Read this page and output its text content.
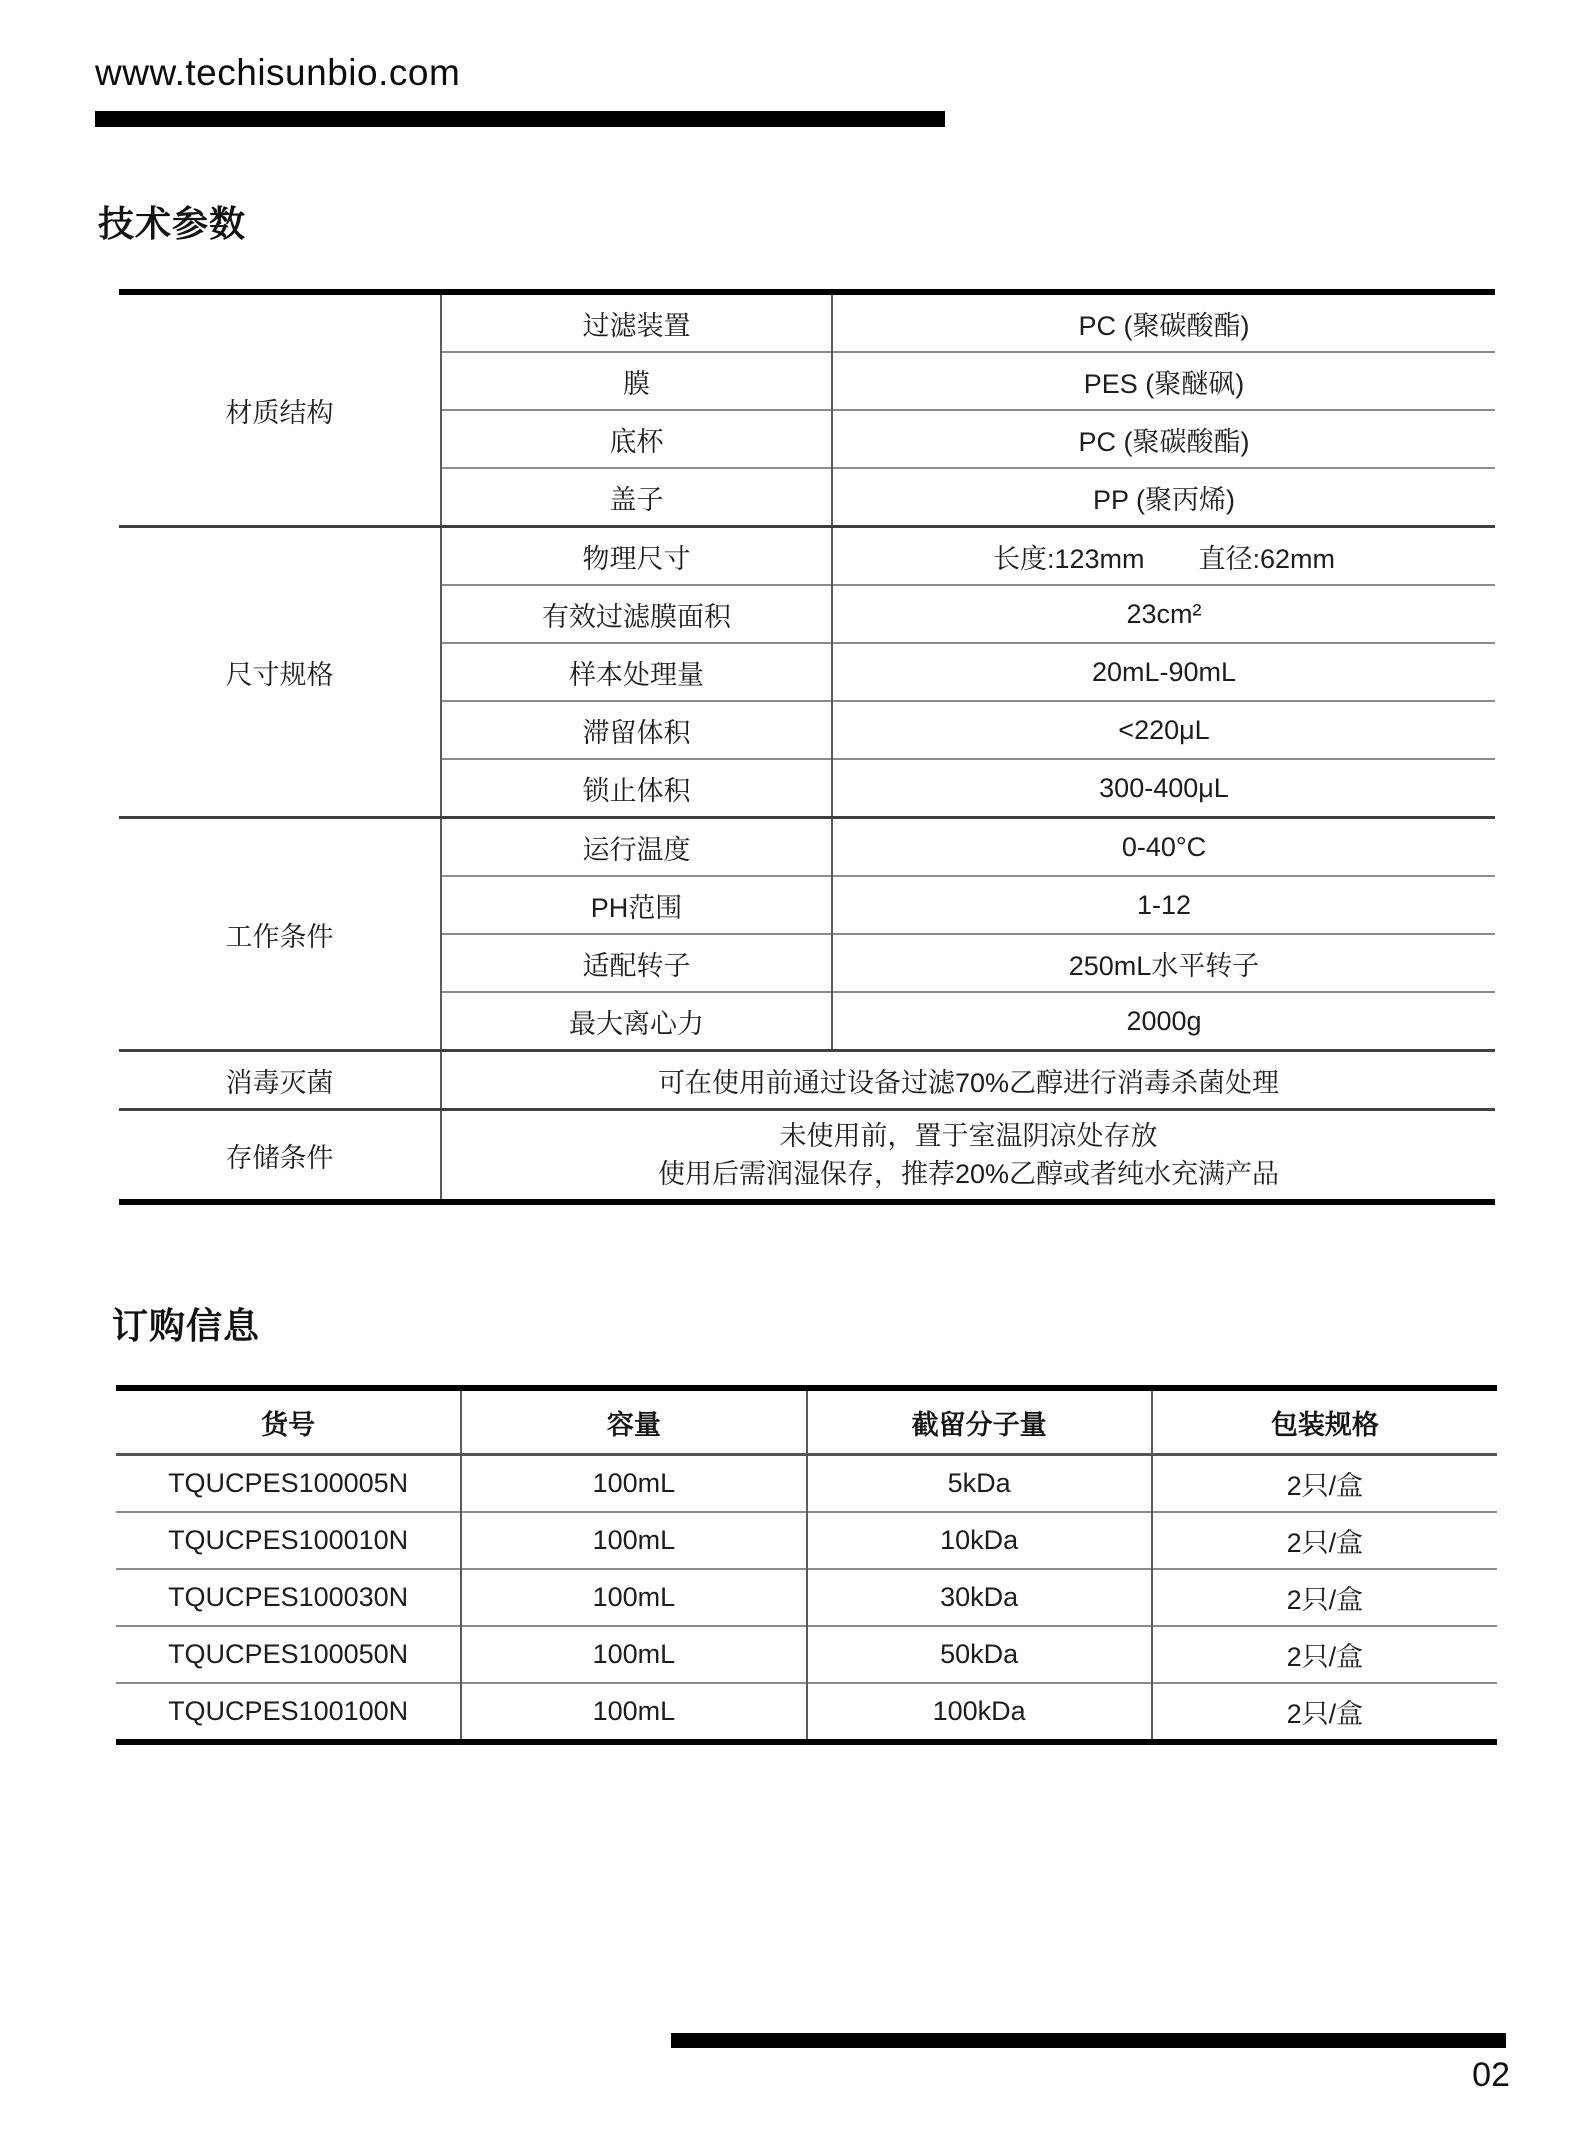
www.techisunbio.com
技术参数
材质结构	过滤装置	PC (聚碳酸酯)
	膜	PES (聚醚砜)
	底杯	PC (聚碳酸酯)
	盖子	PP (聚丙烯)
尺寸规格	物理尺寸	长度:123mm　　直径:62mm
	有效过滤膜面积	23cm²
	样本处理量	20mL-90mL
	滞留体积	<220μL
	锁止体积	300-400μL
工作条件	运行温度	0-40°C
	PH范围	1-12
	适配转子	250mL水平转子
	最大离心力	2000g
消毒灭菌	可在使用前通过设备过滤70%乙醇进行消毒杀菌处理	
存储条件	未使用前，置于室温阴凉处存放
使用后需润湿保存，推荐20%乙醇或者纯水充满产品	
订购信息
货号	容量	截留分子量	包装规格
TQUCPES100005N	100mL	5kDa	2只/盒
TQUCPES100010N	100mL	10kDa	2只/盒
TQUCPES100030N	100mL	30kDa	2只/盒
TQUCPES100050N	100mL	50kDa	2只/盒
TQUCPES100100N	100mL	100kDa	2只/盒
02
